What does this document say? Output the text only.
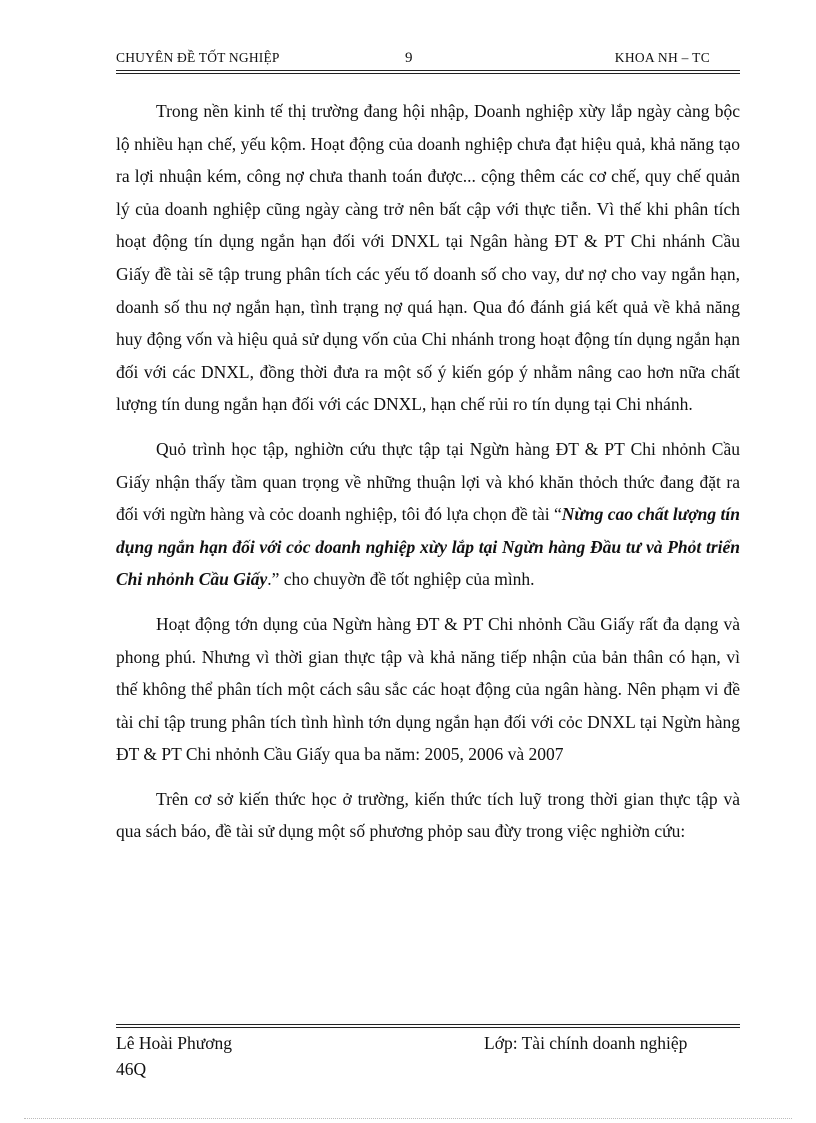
CHUYÊN ĐỀ TỐT NGHIỆP	9	KHOA NH – TC

Trong nền kinh tế thị trường đang hội nhập, Doanh nghiệp xừy lắp ngày càng bộc lộ nhiều hạn chế, yếu kộm. Hoạt động của doanh nghiệp chưa đạt hiệu quả, khả năng tạo ra lợi nhuận kém, công nợ chưa thanh toán được... cộng thêm các cơ chế, quy chế quản lý của doanh nghiệp cũng ngày càng trở nên bất cập với thực tiễn. Vì thế khi phân tích hoạt động tín dụng ngắn hạn đối với DNXL tại Ngân hàng ĐT & PT Chi nhánh Cầu Giấy đề tài sẽ tập trung phân tích các yếu tố doanh số cho vay, dư nợ cho vay ngắn hạn, doanh số thu nợ ngắn hạn, tình trạng nợ quá hạn. Qua đó đánh giá kết quả về khả năng huy động vốn và hiệu quả sử dụng vốn của Chi nhánh trong hoạt động tín dụng ngắn hạn đối với các DNXL, đồng thời đưa ra một số ý kiến góp ý nhằm nâng cao hơn nữa chất lượng tín dung ngắn hạn đối với các DNXL, hạn chế rủi ro tín dụng tại Chi nhánh.

Quỏ trình học tập, nghiờn cứu thực tập tại Ngừn hàng ĐT & PT Chi nhỏnh Cầu Giấy nhận thấy tầm quan trọng về những thuận lợi và khó khăn thỏch thức đang đặt ra đối với ngừn hàng và cỏc doanh nghiệp, tôi đó lựa chọn đề tài “Nừng cao chất lượng tín dụng ngắn hạn đối với cỏc doanh nghiệp xừy lắp tại Ngừn hàng Đầu tư và Phỏt triển Chi nhỏnh Cầu Giấy.” cho chuyờn đề tốt nghiệp của mình.

Hoạt động tớn dụng của Ngừn hàng ĐT & PT Chi nhỏnh Cầu Giấy rất đa dạng và phong phú. Nhưng vì thời gian thực tập và khả năng tiếp nhận của bản thân có hạn, vì thế không thể phân tích một cách sâu sắc các hoạt động của ngân hàng. Nên phạm vi đề tài chỉ tập trung phân tích tình hình tớn dụng ngắn hạn đối với cỏc DNXL tại Ngừn hàng ĐT & PT Chi nhỏnh Cầu Giấy qua ba năm: 2005, 2006 và 2007

Trên cơ sở kiến thức học ở trường, kiến thức tích luỹ trong thời gian thực tập và qua sách báo, đề tài sử dụng một số phương phỏp sau đừy trong việc nghiờn cứu:

Lê Hoài Phương
46Q
Lớp: Tài chính doanh nghiệp
